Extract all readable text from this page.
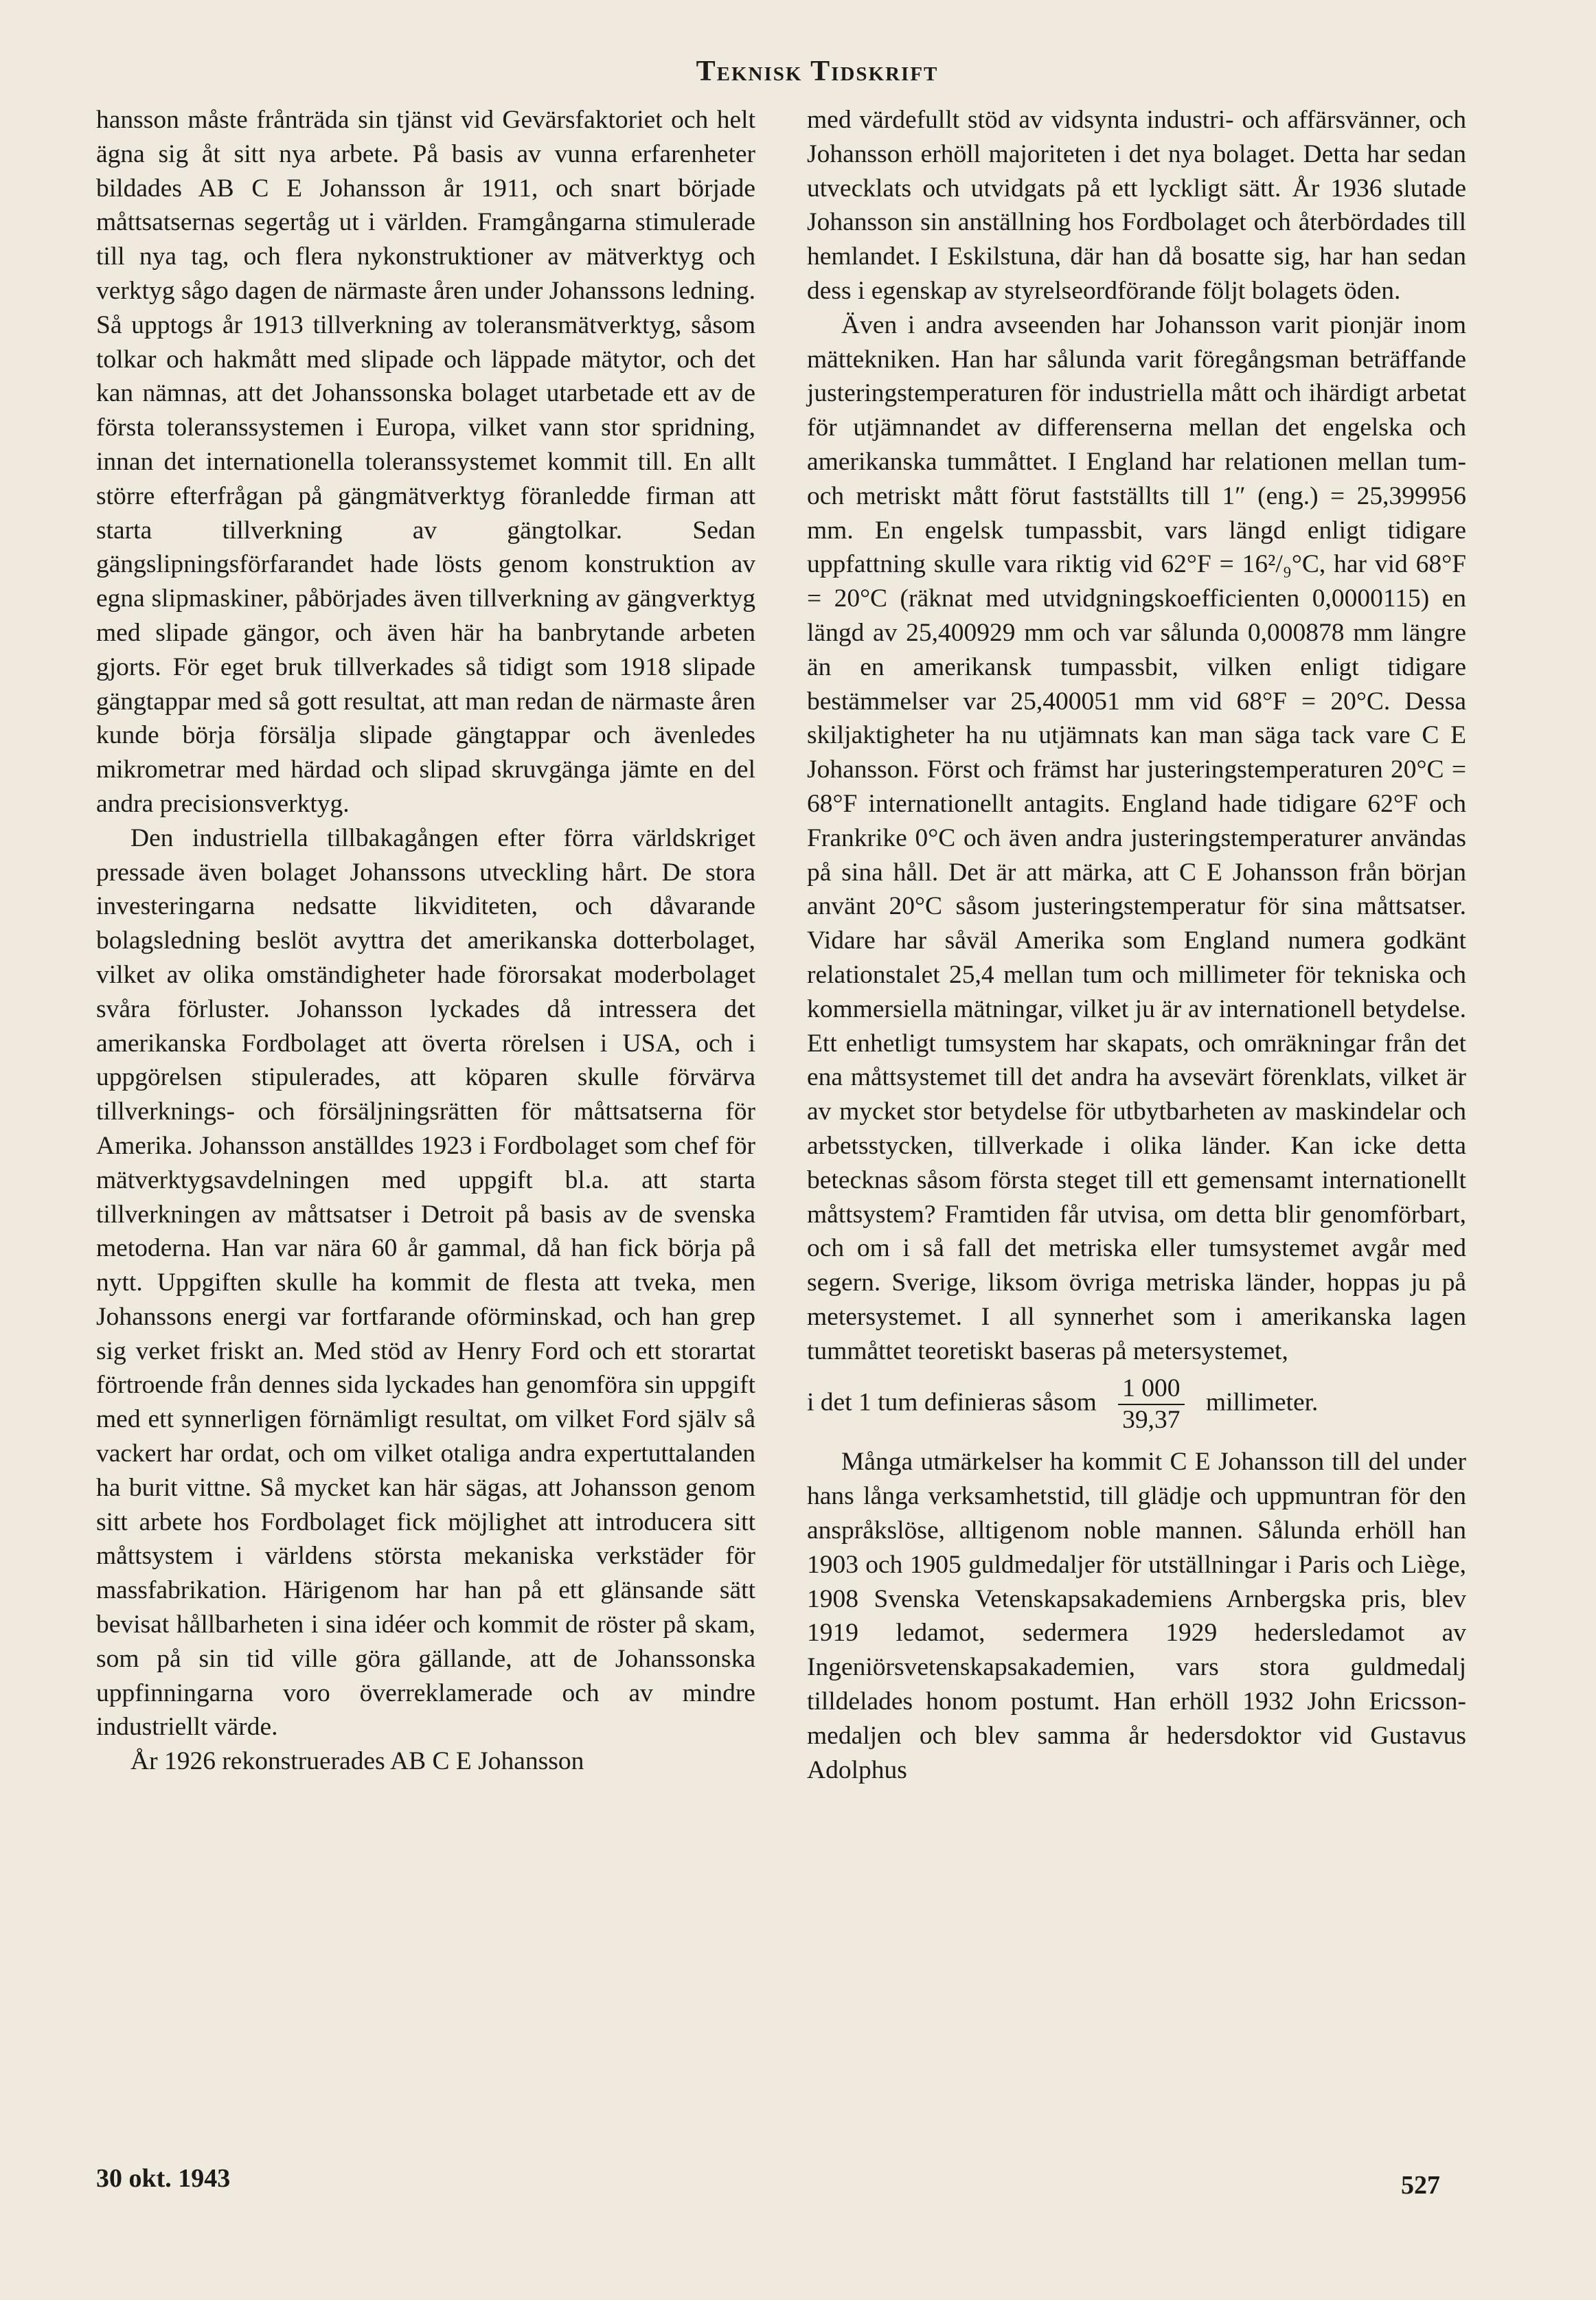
Teknisk Tidskrift

hansson måste frånträda sin tjänst vid Gevärsfaktoriet och helt ägna sig åt sitt nya arbete. På basis av vunna erfarenheter bildades AB C E Johansson år 1911, och snart började måttsatsernas segertåg ut i världen. Framgångarna stimulerade till nya tag, och flera nykonstruktioner av mätverktyg och verktyg sågo dagen de närmaste åren under Johanssons ledning. Så upptogs år 1913 tillverkning av toleransmätverktyg, såsom tolkar och hakmått med slipade och läppade mätytor, och det kan nämnas, att det Johanssonska bolaget utarbetade ett av de första toleranssystemen i Europa, vilket vann stor spridning, innan det internationella toleranssystemet kommit till. En allt större efterfrågan på gängmätverktyg föranledde firman att starta tillverkning av gängtolkar. Sedan gängslipningsförfarandet hade lösts genom konstruktion av egna slipmaskiner, påbörjades även tillverkning av gängverktyg med slipade gängor, och även här ha banbrytande arbeten gjorts. För eget bruk tillverkades så tidigt som 1918 slipade gängtappar med så gott resultat, att man redan de närmaste åren kunde börja försälja slipade gängtappar och ävenledes mikrometrar med härdad och slipad skruvgänga jämte en del andra precisionsverktyg.

Den industriella tillbakagången efter förra världskriget pressade även bolaget Johanssons utveckling hårt. De stora investeringarna nedsatte likviditeten, och dåvarande bolagsledning beslöt avyttra det amerikanska dotterbolaget, vilket av olika omständigheter hade förorsakat moderbolaget svåra förluster. Johansson lyckades då intressera det amerikanska Fordbolaget att överta rörelsen i USA, och i uppgörelsen stipulerades, att köparen skulle förvärva tillverknings- och försäljningsrätten för måttsatserna för Amerika. Johansson anställdes 1923 i Fordbolaget som chef för mätverktygsavdelningen med uppgift bl.a. att starta tillverkningen av måttsatser i Detroit på basis av de svenska metoderna. Han var nära 60 år gammal, då han fick börja på nytt. Uppgiften skulle ha kommit de flesta att tveka, men Johanssons energi var fortfarande oförminskad, och han grep sig verket friskt an. Med stöd av Henry Ford och ett storartat förtroende från dennes sida lyckades han genomföra sin uppgift med ett synnerligen förnämligt resultat, om vilket Ford själv så vackert har ordat, och om vilket otaliga andra expertuttalanden ha burit vittne. Så mycket kan här sägas, att Johansson genom sitt arbete hos Fordbolaget fick möjlighet att introducera sitt måttsystem i världens största mekaniska verkstäder för massfabrikation. Härigenom har han på ett glänsande sätt bevisat hållbarheten i sina idéer och kommit de röster på skam, som på sin tid ville göra gällande, att de Johanssonska uppfinningarna voro överreklamerade och av mindre industriellt värde.

År 1926 rekonstruerades AB C E Johansson

med värdefullt stöd av vidsynta industri- och affärsvänner, och Johansson erhöll majoriteten i det nya bolaget. Detta har sedan utvecklats och utvidgats på ett lyckligt sätt. År 1936 slutade Johansson sin anställning hos Fordbolaget och återbördades till hemlandet. I Eskilstuna, där han då bosatte sig, har han sedan dess i egenskap av styrelseordförande följt bolagets öden.

Även i andra avseenden har Johansson varit pionjär inom mättekniken. Han har sålunda varit föregångsman beträffande justeringstemperaturen för industriella mått och ihärdigt arbetat för utjämnandet av differenserna mellan det engelska och amerikanska tummåttet. I England har relationen mellan tum- och metriskt mått förut fastställts till 1″ (eng.) = 25,399956 mm. En engelsk tumpassbit, vars längd enligt tidigare uppfattning skulle vara riktig vid 62°F = 16²/₉°C, har vid 68°F = 20°C (räknat med utvidgningskoefficienten 0,0000115) en längd av 25,400929 mm och var sålunda 0,000878 mm längre än en amerikansk tumpassbit, vilken enligt tidigare bestämmelser var 25,400051 mm vid 68°F = 20°C. Dessa skiljaktigheter ha nu utjämnats kan man säga tack vare C E Johansson. Först och främst har justeringstemperaturen 20°C = 68°F internationellt antagits. England hade tidigare 62°F och Frankrike 0°C och även andra justeringstemperaturer användas på sina håll. Det är att märka, att C E Johansson från början använt 20°C såsom justeringstemperatur för sina måttsatser. Vidare har såväl Amerika som England numera godkänt relationstalet 25,4 mellan tum och millimeter för tekniska och kommersiella mätningar, vilket ju är av internationell betydelse. Ett enhetligt tumsystem har skapats, och omräkningar från det ena måttsystemet till det andra ha avsevärt förenklats, vilket är av mycket stor betydelse för utbytbarheten av maskindelar och arbetsstycken, tillverkade i olika länder. Kan icke detta betecknas såsom första steget till ett gemensamt internationellt måttsystem? Framtiden får utvisa, om detta blir genomförbart, och om i så fall det metriska eller tumsystemet avgår med segern. Sverige, liksom övriga metriska länder, hoppas ju på metersystemet. I all synnerhet som i amerikanska lagen tummåttet teoretiskt baseras på metersystemet,

i det 1 tum definieras såsom $\frac{1 000}{39,37}$ millimeter.

Många utmärkelser ha kommit C E Johansson till del under hans långa verksamhetstid, till glädje och uppmuntran för den anspråkslöse, alltigenom noble mannen. Sålunda erhöll han 1903 och 1905 guldmedaljer för utställningar i Paris och Liège, 1908 Svenska Vetenskapsakademiens Arnbergska pris, blev 1919 ledamot, sedermera 1929 hedersledamot av Ingeniörsvetenskapsakademien, vars stora guldmedalj tilldelades honom postumt. Han erhöll 1932 John Ericsson-medaljen och blev samma år hedersdoktor vid Gustavus Adolphus

30 okt. 1943	527
